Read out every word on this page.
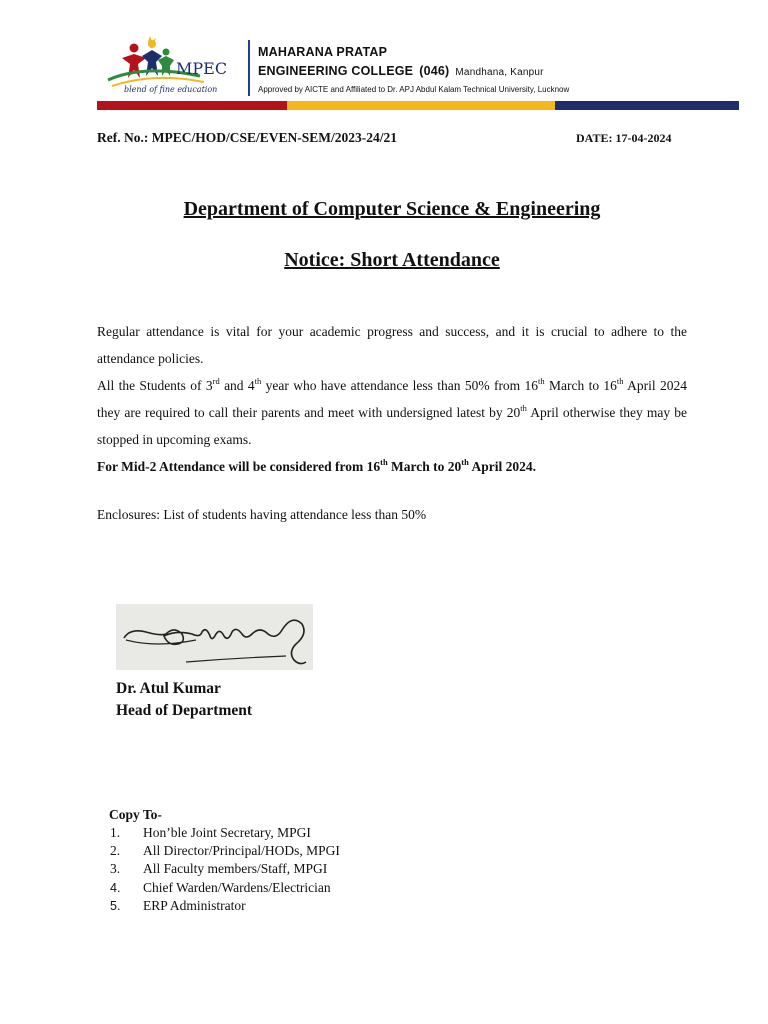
MPEC
blend of fine education
MAHARANA PRATAP
ENGINEERING COLLEGE (046) Mandhana, Kanpur
Approved by AICTE and Affiliated to Dr. APJ Abdul Kalam Technical University, Lucknow
Ref. No.: MPEC/HOD/CSE/EVEN-SEM/2023-24/21	DATE: 17-04-2024
Department of Computer Science & Engineering
Notice: Short Attendance

Regular attendance is vital for your academic progress and success, and it is crucial to adhere to the attendance policies.

All the Students of 3rd and 4th year who have attendance less than 50% from 16th March to 16th April 2024 they are required to call their parents and meet with undersigned latest by 20th April otherwise they may be stopped in upcoming exams.

For Mid-2 Attendance will be considered from 16th March to 20th April 2024.

Enclosures: List of students having attendance less than 50%
Dr. Atul Kumar
Head of Department
Copy To-
1.	Hon’ble Joint Secretary, MPGI
2.	All Director/Principal/HODs, MPGI
3.	All Faculty members/Staff, MPGI
4.	Chief Warden/Wardens/Electrician
5.	ERP Administrator
